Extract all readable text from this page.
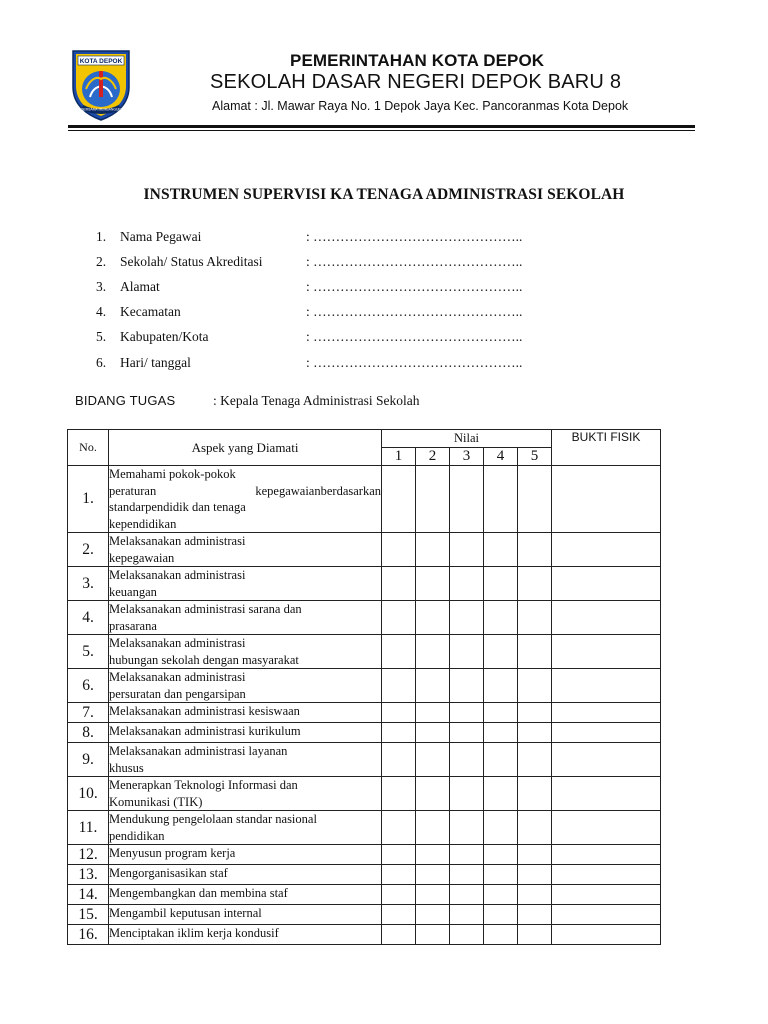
KOTA DEPOK
BERSAMA MEMBANGUN
PEMERINTAHAN KOTA DEPOK
SEKOLAH DASAR NEGERI DEPOK BARU 8
Alamat : Jl. Mawar Raya No. 1 Depok Jaya Kec. Pancoranmas Kota Depok
INSTRUMEN SUPERVISI KA TENAGA ADMINISTRASI SEKOLAH
1.	Nama Pegawai	: ………………………………………..
2.	Sekolah/ Status Akreditasi	: ………………………………………..
3.	Alamat	: ………………………………………..
4.	Kecamatan	: ………………………………………..
5.	Kabupaten/Kota	: ………………………………………..
6.	Hari/ tanggal	: ………………………………………..
BIDANG TUGAS	: Kepala Tenaga Administrasi Sekolah
No.	Aspek yang Diamati	Nilai					BUKTI FISIK
		1	2	3	4	5	
1.	Memahami pokok-pokok
peraturan kepegawaianberdasarkan
standarpendidik dan tenaga
kependidikan						

2.	Melaksanakan administrasi
kepegawaian						

3.	Melaksanakan administrasi
keuangan						

4.	Melaksanakan administrasi sarana dan
prasarana						

5.	Melaksanakan administrasi
hubungan sekolah dengan masyarakat						

6.	Melaksanakan administrasi
persuratan dan pengarsipan						

7.	Melaksanakan administrasi kesiswaan						

8.	Melaksanakan administrasi kurikulum						

9.	Melaksanakan administrasi layanan
khusus						

10.	Menerapkan Teknologi Informasi dan
Komunikasi (TIK)						

11.	Mendukung pengelolaan standar nasional
pendidikan						

12.	Menyusun program kerja						

13.	Mengorganisasikan staf						

14.	Mengembangkan dan membina staf						

15.	Mengambil keputusan internal						

16.	Menciptakan iklim kerja kondusif						
